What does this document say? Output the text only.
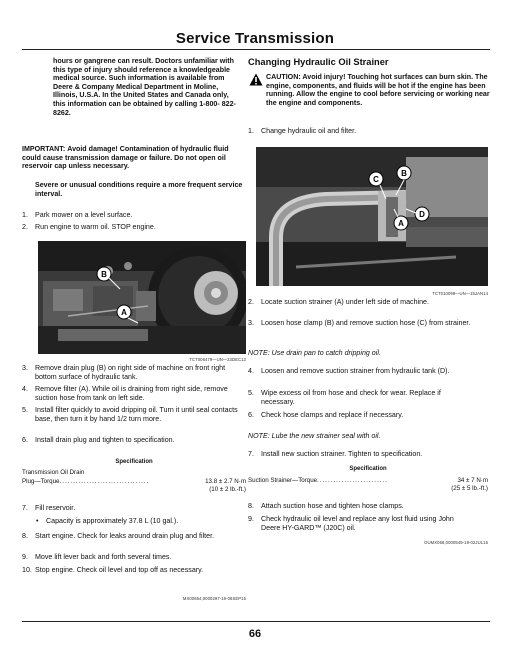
Service Transmission
hours or gangrene can result. Doctors unfamiliar with this type of injury should reference a knowledgeable medical source. Such information is available from Deere & Company Medical Department in Moline, Illinois, U.S.A. In the United States and Canada only, this information can be obtained by calling 1-800- 822-8262.
IMPORTANT: Avoid damage! Contamination of hydraulic fluid could cause transmission damage or failure. Do not open oil reservoir cap unless necessary.
Severe or unusual conditions require a more frequent service interval.
1. Park mower on a level surface.
2. Run engine to warm oil. STOP engine.
B
A
TCT006479—UN—23DEC13
3. Remove drain plug (B) on right side of machine on front right bottom surface of hydraulic tank.
4. Remove filter (A). While oil is draining from right side, remove suction hose from tank on left side.
5. Install filter quickly to avoid dripping oil. Turn it until seal contacts base, then turn it by hand 1/2 turn more.
6. Install drain plug and tighten to specification.
Specification
Transmission Oil Drain
Plug—Torque.................................	13.8 ± 2.7 N·m
(10 ± 2 lb.-ft.)
7. Fill reservoir.
• Capacity is approximately 37.8 L (10 gal.).
8. Start engine. Check for leaks around drain plug and filter.
9. Move lift lever back and forth several times.
10. Stop engine. Check oil level and top off as necessary.
MX00654,0000297-19-06SEP15
Changing Hydraulic Oil Strainer
CAUTION: Avoid injury! Touching hot surfaces can burn skin. The engine, components, and fluids will be hot if the engine has been running. Allow the engine to cool before servicing or working near the engine and components.
1. Change hydraulic oil and filter.
C
B
D
A
TCT010099—UN—15JAN14
2. Locate suction strainer (A) under left side of machine.
3. Loosen hose clamp (B) and remove suction hose (C) from strainer.
NOTE: Use drain pan to catch dripping oil.
4. Loosen and remove suction strainer from hydraulic tank (D).
5. Wipe excess oil from hose and check for wear. Replace if necessary.
6. Check hose clamps and replace if necessary.
NOTE: Lube the new strainer seal with oil.
7. Install new suction strainer. Tighten to specification.
Specification
Suction Strainer—Torque..........................	34 ± 7 N·m
(25 ± 5 lb.-ft.)
8. Attach suction hose and tighten hose clamps.
9. Check hydraulic oil level and replace any lost fluid using John Deere HY-GARD™ (J20C) oil.
OUMX068,0000549-19-02JUL15
66
